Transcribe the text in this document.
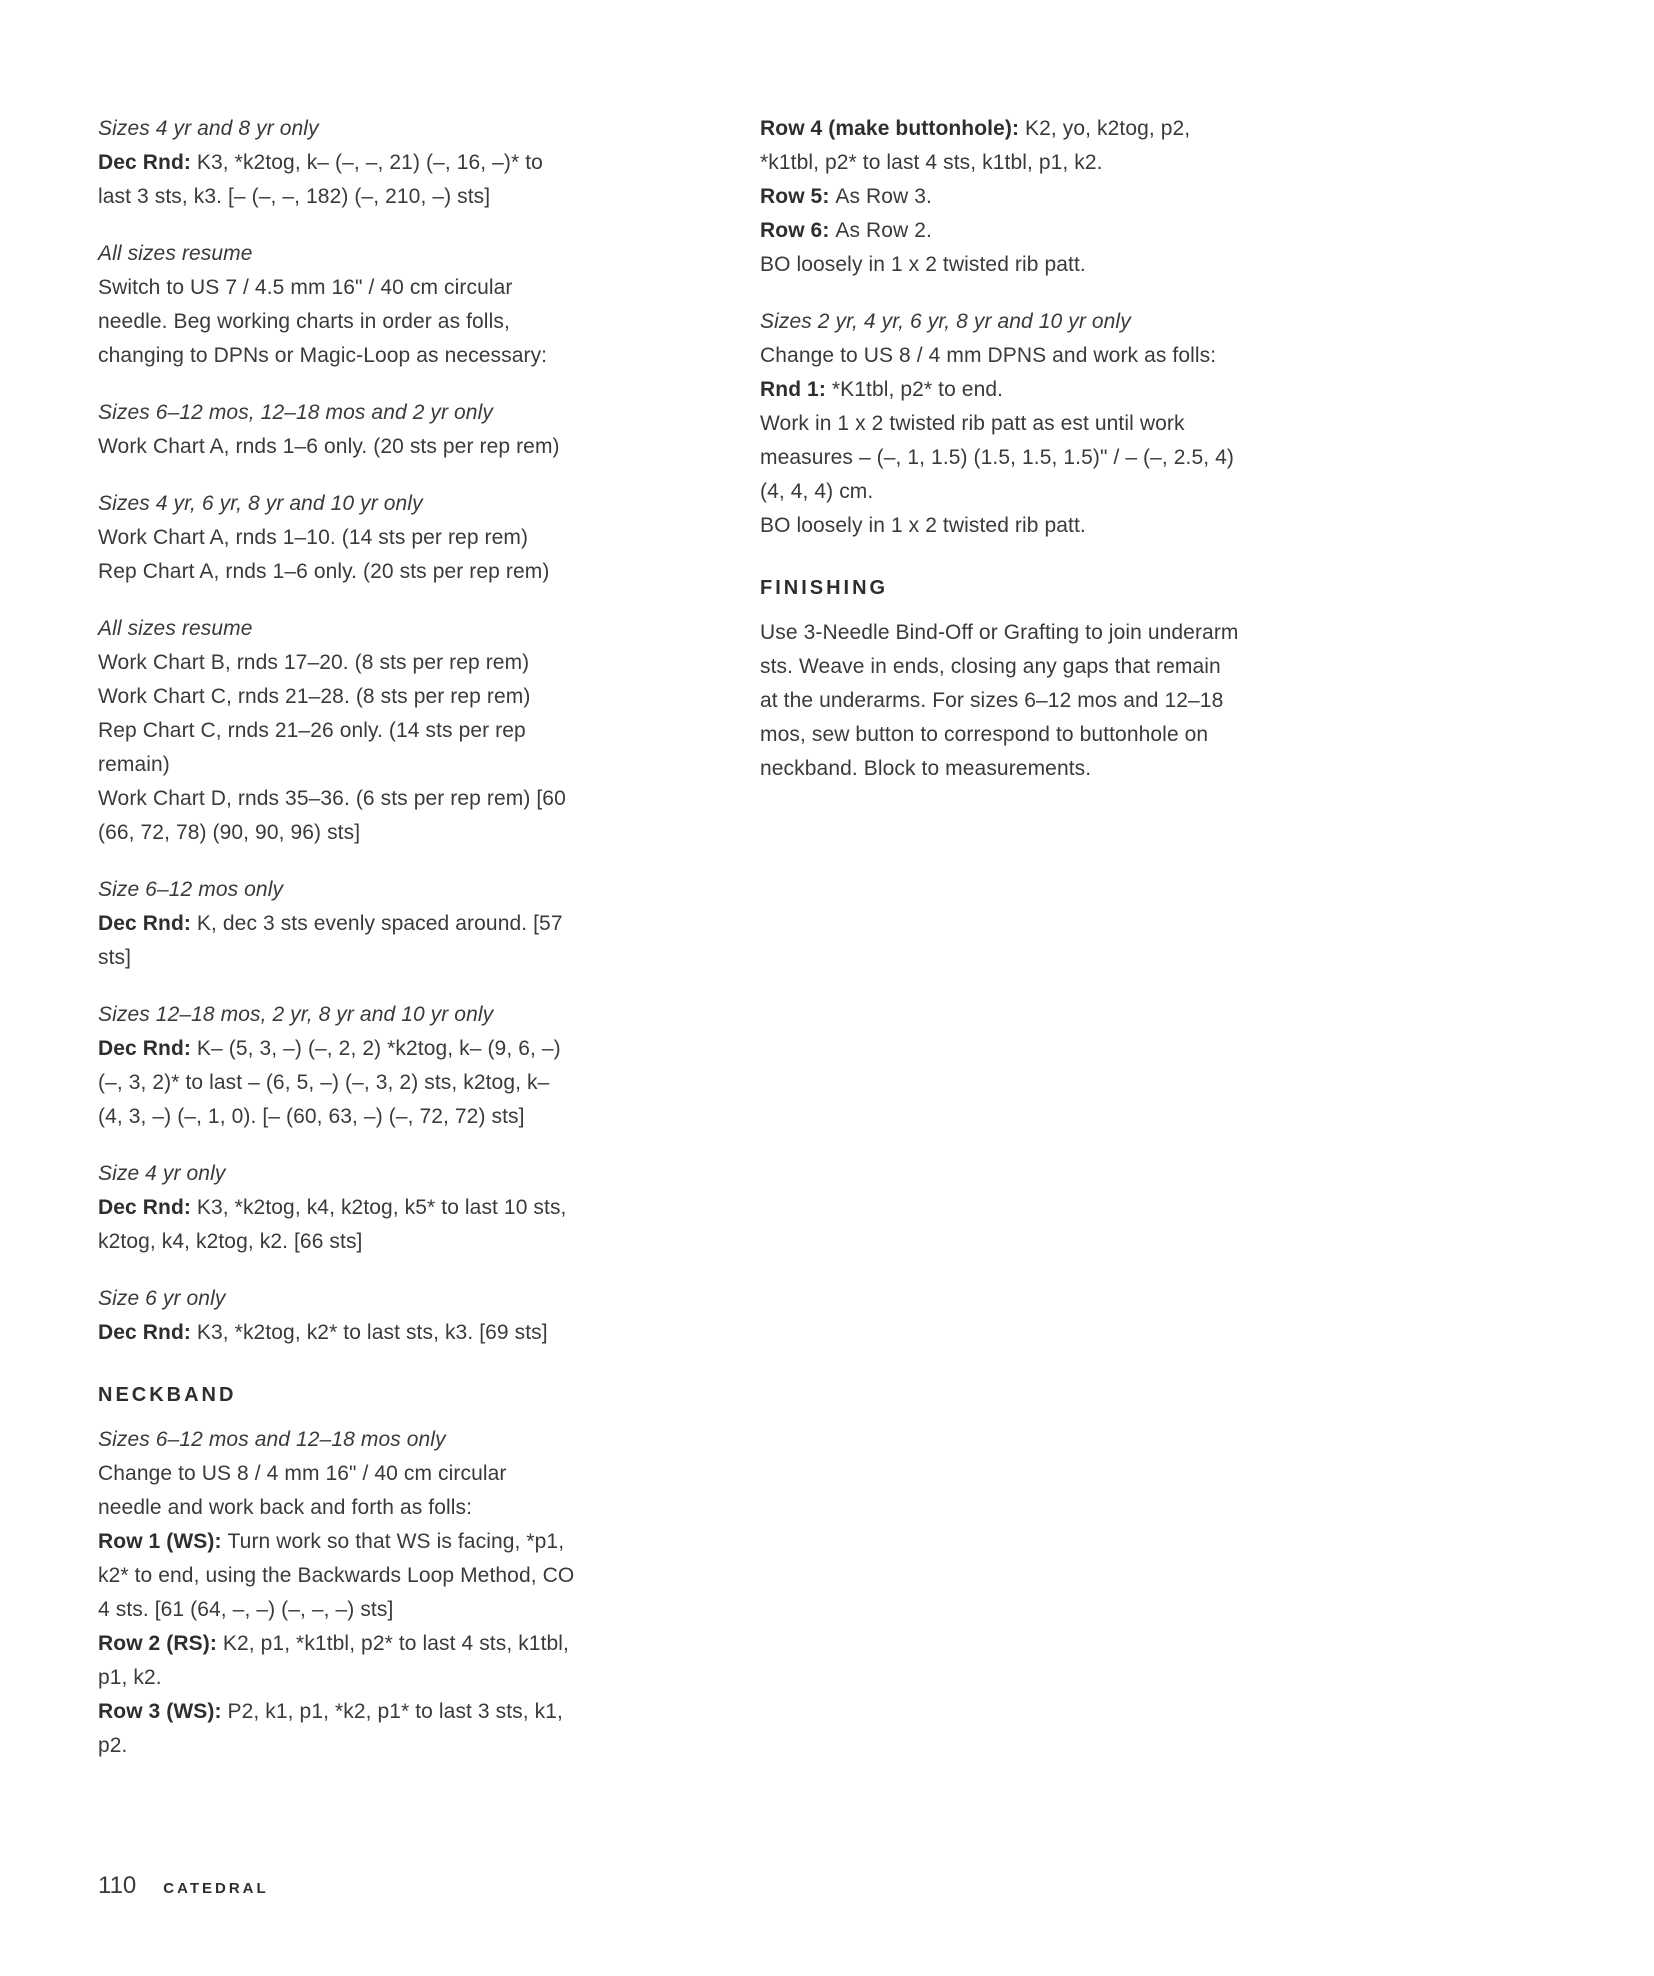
Sizes 4 yr and 8 yr only

Dec Rnd: K3, *k2tog, k– (–, –, 21) (–, 16, –)* to last 3 sts, k3. [– (–, –, 182) (–, 210, –) sts]

All sizes resume

Switch to US 7 / 4.5 mm 16" / 40 cm circular needle. Beg working charts in order as folls, changing to DPNs or Magic-Loop as necessary:

Sizes 6–12 mos, 12–18 mos and 2 yr only

Work Chart A, rnds 1–6 only. (20 sts per rep rem)

Sizes 4 yr, 6 yr, 8 yr and 10 yr only

Work Chart A, rnds 1–10. (14 sts per rep rem)

Rep Chart A, rnds 1–6 only. (20 sts per rep rem)

All sizes resume

Work Chart B, rnds 17–20. (8 sts per rep rem)

Work Chart C, rnds 21–28. (8 sts per rep rem)

Rep Chart C, rnds 21–26 only. (14 sts per rep remain)

Work Chart D, rnds 35–36. (6 sts per rep rem) [60 (66, 72, 78) (90, 90, 96) sts]

Size 6–12 mos only

Dec Rnd: K, dec 3 sts evenly spaced around. [57 sts]

Sizes 12–18 mos, 2 yr, 8 yr and 10 yr only

Dec Rnd: K– (5, 3, –) (–, 2, 2) *k2tog, k– (9, 6, –) (–, 3, 2)* to last – (6, 5, –) (–, 3, 2) sts, k2tog, k– (4, 3, –) (–, 1, 0). [– (60, 63, –) (–, 72, 72) sts]

Size 4 yr only

Dec Rnd: K3, *k2tog, k4, k2tog, k5* to last 10 sts, k2tog, k4, k2tog, k2. [66 sts]

Size 6 yr only

Dec Rnd: K3, *k2tog, k2* to last sts, k3. [69 sts]

NECKBAND

Sizes 6–12 mos and 12–18 mos only

Change to US 8 / 4 mm 16" / 40 cm circular needle and work back and forth as folls:

Row 1 (WS): Turn work so that WS is facing, *p1, k2* to end, using the Backwards Loop Method, CO 4 sts. [61 (64, –, –) (–, –, –) sts]

Row 2 (RS): K2, p1, *k1tbl, p2* to last 4 sts, k1tbl, p1, k2.

Row 3 (WS): P2, k1, p1, *k2, p1* to last 3 sts, k1, p2.

Row 4 (make buttonhole): K2, yo, k2tog, p2, *k1tbl, p2* to last 4 sts, k1tbl, p1, k2.

Row 5: As Row 3.

Row 6: As Row 2.

BO loosely in 1 x 2 twisted rib patt.

Sizes 2 yr, 4 yr, 6 yr, 8 yr and 10 yr only

Change to US 8 / 4 mm DPNS and work as folls:

Rnd 1: *K1tbl, p2* to end.

Work in 1 x 2 twisted rib patt as est until work measures – (–, 1, 1.5) (1.5, 1.5, 1.5)" / – (–, 2.5, 4) (4, 4, 4) cm.

BO loosely in 1 x 2 twisted rib patt.

FINISHING

Use 3-Needle Bind-Off or Grafting to join underarm sts. Weave in ends, closing any gaps that remain at the underarms. For sizes 6–12 mos and 12–18 mos, sew button to correspond to buttonhole on neckband. Block to measurements.

110 CATEDRAL
